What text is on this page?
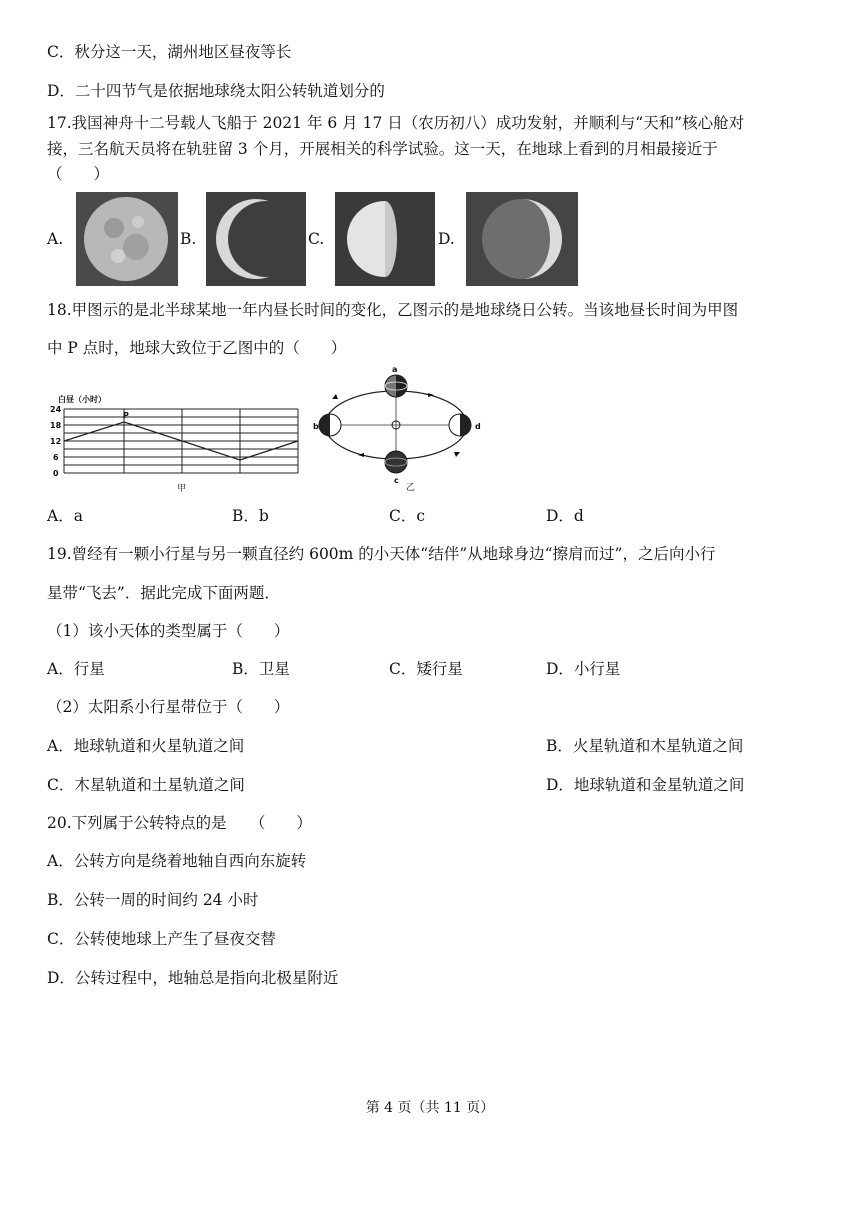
C．秋分这一天，湖州地区昼夜等长
D．二十四节气是依据地球绕太阳公转轨道划分的
17.我国神舟十二号载人飞船于 2021 年 6 月 17 日（农历初八）成功发射，并顺利与“天和”核心舱对
接，三名航天员将在轨驻留 3 个月，开展相关的科学试验。这一天，在地球上看到的月相最接近于
（　　）
A.	B.	C.	D.
18.甲图示的是北半球某地一年内昼长时间的变化，乙图示的是地球绕日公转。当该地昼长时间为甲图
中 P 点时，地球大致位于乙图中的（　　）
白昼（小时）
24
18
12
6
0
P
甲
a
b
c
d
乙
A．a	B．b	C．c	D．d
19.曾经有一颗小行星与另一颗直径约 600m 的小天体“结伴”从地球身边“擦肩而过”，之后向小行
星带“飞去”．据此完成下面两题．
（1）该小天体的类型属于（　　）
A．行星	B．卫星	C．矮行星	D．小行星
（2）太阳系小行星带位于（　　）
A．地球轨道和火星轨道之间	B．火星轨道和木星轨道之间
C．木星轨道和土星轨道之间	D．地球轨道和金星轨道之间
20.下列属于公转特点的是　　（　　）
A．公转方向是绕着地轴自西向东旋转
B．公转一周的时间约 24 小时
C．公转使地球上产生了昼夜交替
D．公转过程中，地轴总是指向北极星附近
第 4 页（共 11 页）
